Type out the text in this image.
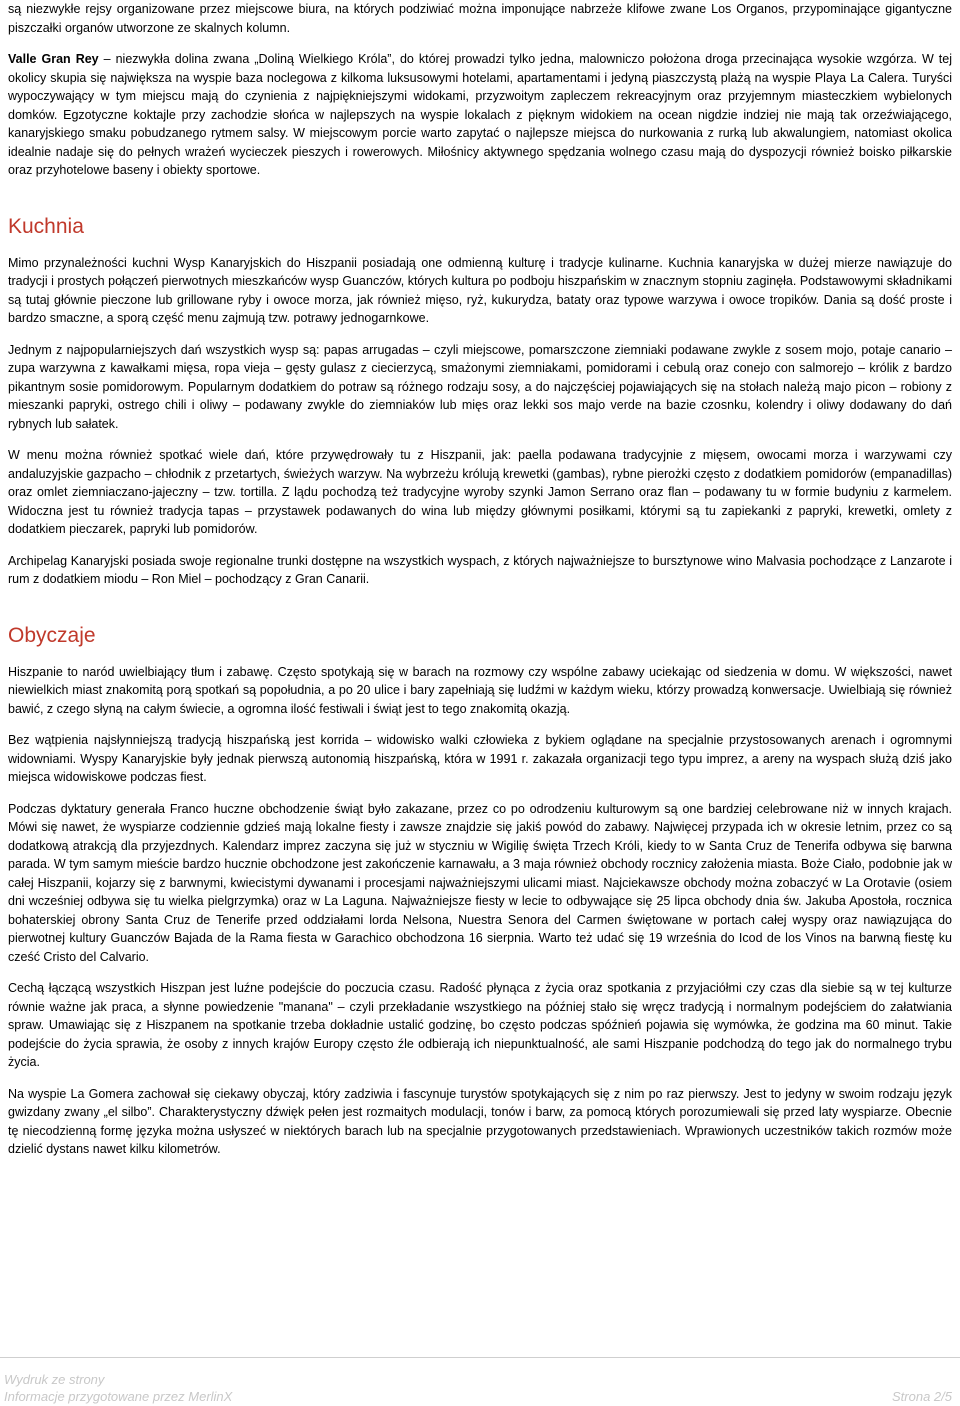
są niezwykłe rejsy organizowane przez miejscowe biura, na których podziwiać można imponujące nabrzeże klifowe zwane Los Organos, przypominające gigantyczne piszczałki organów utworzone ze skalnych kolumn.

Valle Gran Rey – niezwykła dolina zwana „Doliną Wielkiego Króla”, do której prowadzi tylko jedna, malowniczo położona droga przecinająca wysokie wzgórza. W tej okolicy skupia się największa na wyspie baza noclegowa z kilkoma luksusowymi hotelami, apartamentami i jedyną piaszczystą plażą na wyspie Playa La Calera. Turyści wypoczywający w tym miejscu mają do czynienia z najpiękniejszymi widokami, przyzwoitym zapleczem rekreacyjnym oraz przyjemnym miasteczkiem wybielonych domków. Egzotyczne koktajle przy zachodzie słońca w najlepszych na wyspie lokalach z pięknym widokiem na ocean nigdzie indziej nie mają tak orzeźwiającego, kanaryjskiego smaku pobudzanego rytmem salsy. W miejscowym porcie warto zapytać o najlepsze miejsca do nurkowania z rurką lub akwalungiem, natomiast okolica idealnie nadaje się do pełnych wrażeń wycieczek pieszych i rowerowych. Miłośnicy aktywnego spędzania wolnego czasu mają do dyspozycji również boisko piłkarskie oraz przyhotelowe baseny i obiekty sportowe.

Kuchnia

Mimo przynależności kuchni Wysp Kanaryjskich do Hiszpanii posiadają one odmienną kulturę i tradycje kulinarne. Kuchnia kanaryjska w dużej mierze nawiązuje do tradycji i prostych połączeń pierwotnych mieszkańców wysp Guanczów, których kultura po podboju hiszpańskim w znacznym stopniu zaginęła. Podstawowymi składnikami są tutaj głównie pieczone lub grillowane ryby i owoce morza, jak również mięso, ryż, kukurydza, bataty oraz typowe warzywa i owoce tropików. Dania są dość proste i bardzo smaczne, a sporą część menu zajmują tzw. potrawy jednogarnkowe.

Jednym z najpopularniejszych dań wszystkich wysp są: papas arrugadas – czyli miejscowe, pomarszczone ziemniaki podawane zwykle z sosem mojo, potaje canario – zupa warzywna z kawałkami mięsa, ropa vieja – gęsty gulasz z ciecierzycą, smażonymi ziemniakami, pomidorami i cebulą oraz conejo con salmorejo – królik z bardzo pikantnym sosie pomidorowym. Popularnym dodatkiem do potraw są różnego rodzaju sosy, a do najczęściej pojawiających się na stołach należą majo picon – robiony z mieszanki papryki, ostrego chili i oliwy – podawany zwykle do ziemniaków lub mięs oraz lekki sos majo verde na bazie czosnku, kolendry i oliwy dodawany do dań rybnych lub sałatek.

W menu można również spotkać wiele dań, które przywędrowały tu z Hiszpanii, jak: paella podawana tradycyjnie z mięsem, owocami morza i warzywami czy andaluzyjskie gazpacho – chłodnik z przetartych, świeżych warzyw. Na wybrzeżu królują krewetki (gambas), rybne pierożki często z dodatkiem pomidorów (empanadillas) oraz omlet ziemniaczano-jajeczny – tzw. tortilla. Z lądu pochodzą też tradycyjne wyroby szynki Jamon Serrano oraz flan – podawany tu w formie budyniu z karmelem. Widoczna jest tu również tradycja tapas – przystawek podawanych do wina lub między głównymi posiłkami, którymi są tu zapiekanki z papryki, krewetki, omlety z dodatkiem pieczarek, papryki lub pomidorów.

Archipelag Kanaryjski posiada swoje regionalne trunki dostępne na wszystkich wyspach, z których najważniejsze to bursztynowe wino Malvasia pochodzące z Lanzarote i rum z dodatkiem miodu – Ron Miel – pochodzący z Gran Canarii.

Obyczaje

Hiszpanie to naród uwielbiający tłum i zabawę. Często spotykają się w barach na rozmowy czy wspólne zabawy uciekając od siedzenia w domu. W większości, nawet niewielkich miast znakomitą porą spotkań są popołudnia, a po 20 ulice i bary zapełniają się ludźmi w każdym wieku, którzy prowadzą konwersacje. Uwielbiają się również bawić, z czego słyną na całym świecie, a ogromna ilość festiwali i świąt jest to tego znakomitą okazją.

Bez wątpienia najsłynniejszą tradycją hiszpańską jest korrida – widowisko walki człowieka z bykiem oglądane na specjalnie przystosowanych arenach i ogromnymi widowniami. Wyspy Kanaryjskie były jednak pierwszą autonomią hiszpańską, która w 1991 r. zakazała organizacji tego typu imprez, a areny na wyspach służą dziś jako miejsca widowiskowe podczas fiest.

Podczas dyktatury generała Franco huczne obchodzenie świąt było zakazane, przez co po odrodzeniu kulturowym są one bardziej celebrowane niż w innych krajach. Mówi się nawet, że wyspiarze codziennie gdzieś mają lokalne fiesty i zawsze znajdzie się jakiś powód do zabawy. Najwięcej przypada ich w okresie letnim, przez co są dodatkową atrakcją dla przyjezdnych. Kalendarz imprez zaczyna się już w styczniu w Wigilię święta Trzech Króli, kiedy to w Santa Cruz de Tenerifa odbywa się barwna parada. W tym samym mieście bardzo hucznie obchodzone jest zakończenie karnawału, a 3 maja również obchody rocznicy założenia miasta. Boże Ciało, podobnie jak w całej Hiszpanii, kojarzy się z barwnymi, kwiecistymi dywanami i procesjami najważniejszymi ulicami miast. Najciekawsze obchody można zobaczyć w La Orotavie (osiem dni wcześniej odbywa się tu wielka pielgrzymka) oraz w La Laguna. Najważniejsze fiesty w lecie to odbywające się 25 lipca obchody dnia św. Jakuba Apostoła, rocznica bohaterskiej obrony Santa Cruz de Tenerife przed oddziałami lorda Nelsona, Nuestra Senora del Carmen świętowane w portach całej wyspy oraz nawiązująca do pierwotnej kultury Guanczów Bajada de la Rama fiesta w Garachico obchodzona 16 sierpnia. Warto też udać się 19 września do Icod de los Vinos na barwną fiestę ku cześć Cristo del Calvario.

Cechą łączącą wszystkich Hiszpan jest luźne podejście do poczucia czasu. Radość płynąca z życia oraz spotkania z przyjaciółmi czy czas dla siebie są w tej kulturze równie ważne jak praca, a słynne powiedzenie "manana" – czyli przekładanie wszystkiego na później stało się wręcz tradycją i normalnym podejściem do załatwiania spraw. Umawiając się z Hiszpanem na spotkanie trzeba dokładnie ustalić godzinę, bo często podczas spóźnień pojawia się wymówka, że godzina ma 60 minut. Takie podejście do życia sprawia, że osoby z innych krajów Europy często źle odbierają ich niepunktualność, ale sami Hiszpanie podchodzą do tego jak do normalnego trybu życia.

Na wyspie La Gomera zachował się ciekawy obyczaj, który zadziwia i fascynuje turystów spotykających się z nim po raz pierwszy. Jest to jedyny w swoim rodzaju język gwizdany zwany „el silbo”. Charakterystyczny dźwięk pełen jest rozmaitych modulacji, tonów i barw, za pomocą których porozumiewali się przed laty wyspiarze. Obecnie tę niecodzienną formę języka można usłyszeć w niektórych barach lub na specjalnie przygotowanych przedstawieniach. Wprawionych uczestników takich rozmów może dzielić dystans nawet kilku kilometrów.

Wydruk ze strony
Informacje przygotowane przez MerlinX	Strona 2/5
